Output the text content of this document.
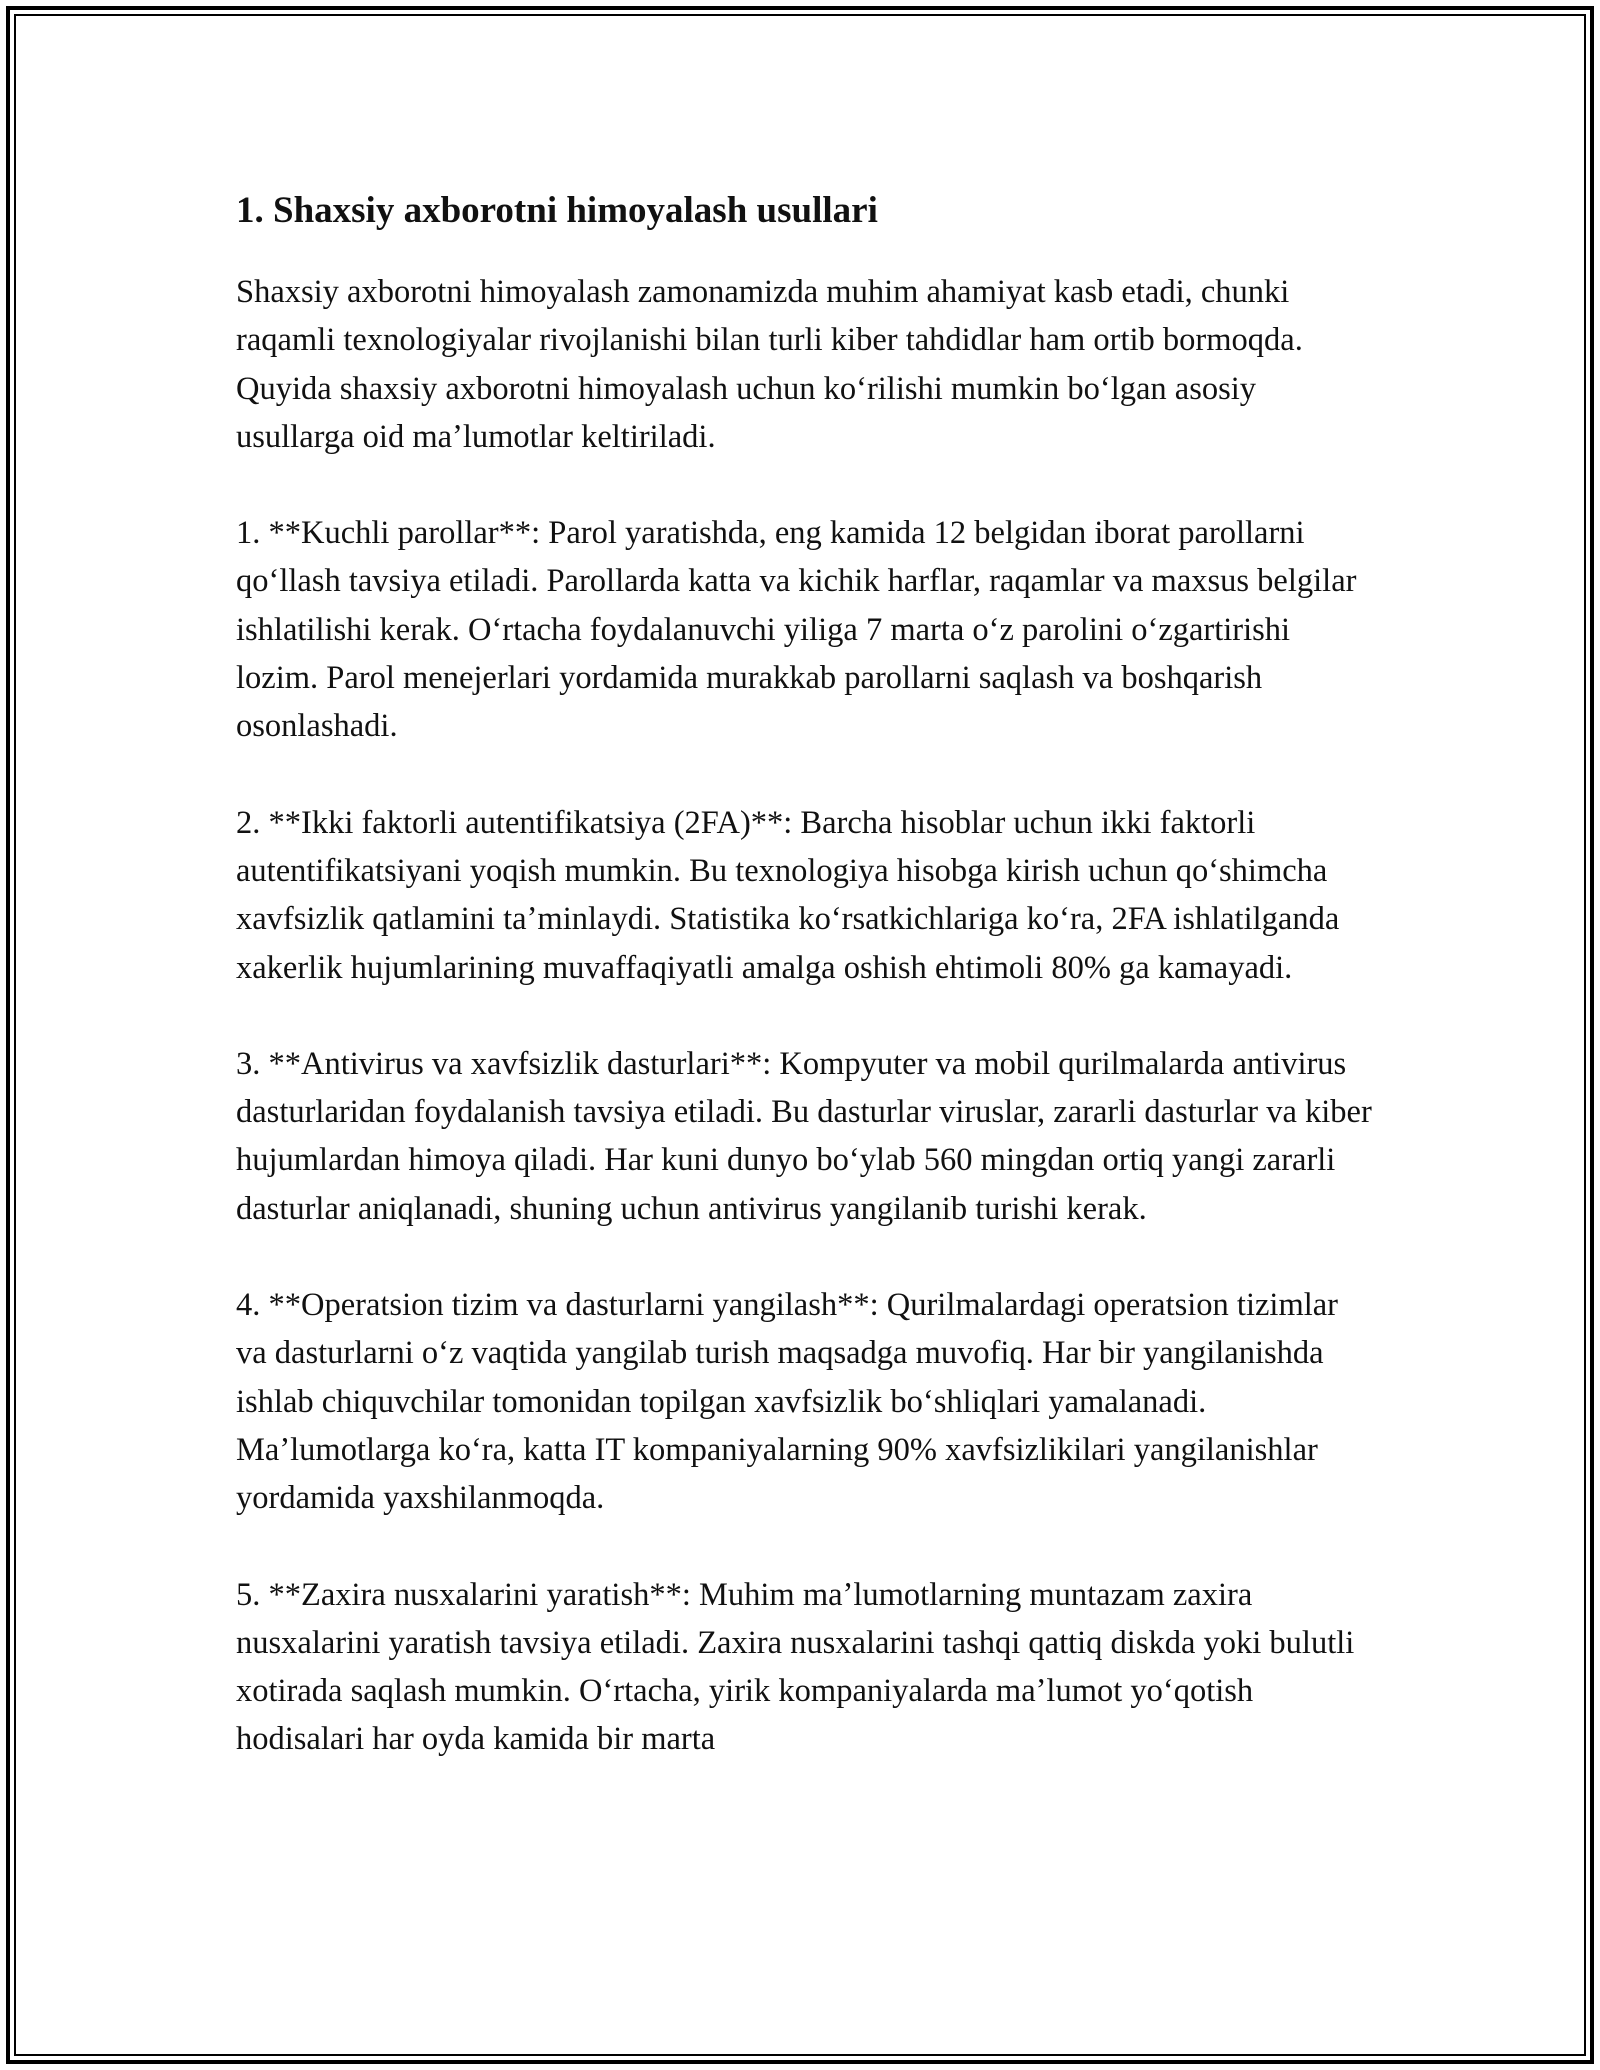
1. Shaxsiy axborotni himoyalash usullari

Shaxsiy axborotni himoyalash zamonamizda muhim ahamiyat kasb etadi, chunki raqamli texnologiyalar rivojlanishi bilan turli kiber tahdidlar ham ortib bormoqda. Quyida shaxsiy axborotni himoyalash uchun koʻrilishi mumkin boʻlgan asosiy usullarga oid maʼlumotlar keltiriladi.

1. **Kuchli parollar**: Parol yaratishda, eng kamida 12 belgidan iborat parollarni qoʻllash tavsiya etiladi. Parollarda katta va kichik harflar, raqamlar va maxsus belgilar ishlatilishi kerak. Oʻrtacha foydalanuvchi yiliga 7 marta oʻz parolini oʻzgartirishi lozim. Parol menejerlari yordamida murakkab parollarni saqlash va boshqarish osonlashadi.

2. **Ikki faktorli autentifikatsiya (2FA)**: Barcha hisoblar uchun ikki faktorli autentifikatsiyani yoqish mumkin. Bu texnologiya hisobga kirish uchun qoʻshimcha xavfsizlik qatlamini taʼminlaydi. Statistika koʻrsatkichlariga koʻra, 2FA ishlatilganda xakerlik hujumlarining muvaffaqiyatli amalga oshish ehtimoli 80% ga kamayadi.

3. **Antivirus va xavfsizlik dasturlari**: Kompyuter va mobil qurilmalarda antivirus dasturlaridan foydalanish tavsiya etiladi. Bu dasturlar viruslar, zararli dasturlar va kiber hujumlardan himoya qiladi. Har kuni dunyo boʻylab 560 mingdan ortiq yangi zararli dasturlar aniqlanadi, shuning uchun antivirus yangilanib turishi kerak.

4. **Operatsion tizim va dasturlarni yangilash**: Qurilmalardagi operatsion tizimlar va dasturlarni oʻz vaqtida yangilab turish maqsadga muvofiq. Har bir yangilanishda ishlab chiquvchilar tomonidan topilgan xavfsizlik boʻshliqlari yamalanadi. Maʼlumotlarga koʻra, katta IT kompaniyalarning 90% xavfsizlikilari yangilanishlar yordamida yaxshilanmoqda.

5. **Zaxira nusxalarini yaratish**: Muhim maʼlumotlarning muntazam zaxira nusxalarini yaratish tavsiya etiladi. Zaxira nusxalarini tashqi qattiq diskda yoki bulutli xotirada saqlash mumkin. Oʻrtacha, yirik kompaniyalarda maʼlumot yoʻqotish hodisalari har oyda kamida bir marta
